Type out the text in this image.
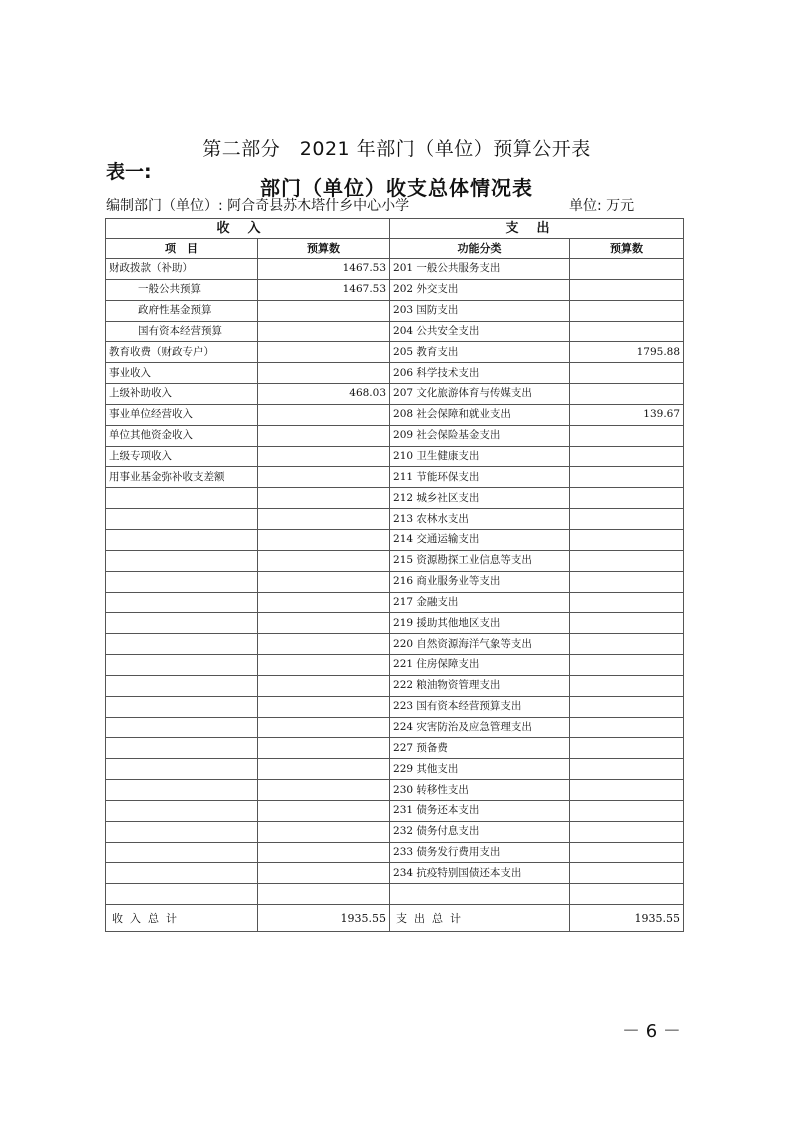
第二部分　2021 年部门（单位）预算公开表
表一:
部门（单位）收支总体情况表
编制部门（单位）: 阿合奇县苏木塔什乡中心小学	单位: 万元
收入		支出	
项　目	预算数	功能分类	预算数
财政拨款（补助）	1467.53	201 一般公共服务支出	
一般公共预算	1467.53	202 外交支出	
政府性基金预算		203 国防支出	
国有资本经营预算		204 公共安全支出	
教育收费（财政专户）		205 教育支出	1795.88
事业收入		206 科学技术支出	
上级补助收入	468.03	207 文化旅游体育与传媒支出	
事业单位经营收入		208 社会保障和就业支出	139.67
单位其他资金收入		209 社会保险基金支出	
上级专项收入		210 卫生健康支出	
用事业基金弥补收支差额		211 节能环保支出	
		212 城乡社区支出	
		213 农林水支出	
		214 交通运输支出	
		215 资源勘探工业信息等支出	
		216 商业服务业等支出	
		217 金融支出	
		219 援助其他地区支出	
		220 自然资源海洋气象等支出	
		221 住房保障支出	
		222 粮油物资管理支出	
		223 国有资本经营预算支出	
		224 灾害防治及应急管理支出	
		227 预备费	
		229 其他支出	
		230 转移性支出	
		231 债务还本支出	
		232 债务付息支出	
		233 债务发行费用支出	
		234 抗疫特别国债还本支出	

收入总计	1935.55	支出总计	1935.55
－ 6 －
